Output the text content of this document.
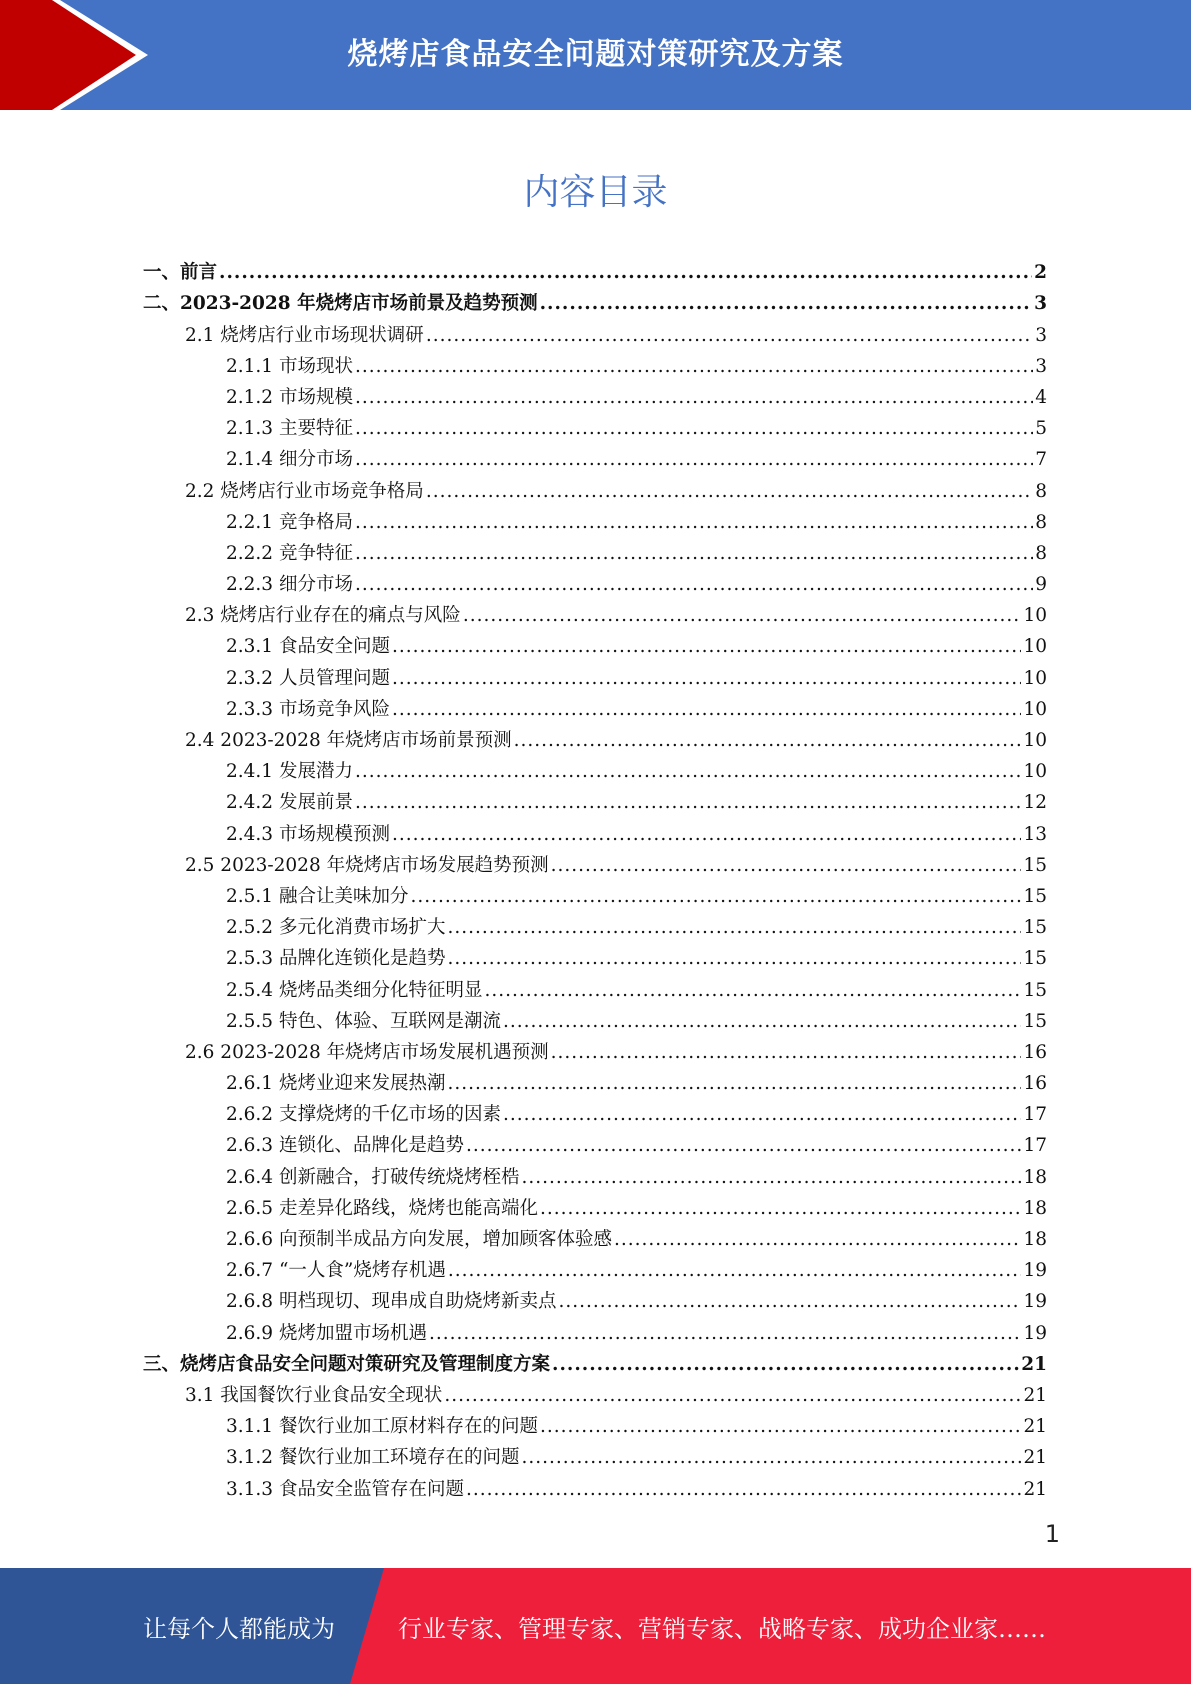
烧烤店食品安全问题对策研究及方案
内容目录
一、前言 .....	2
二、2023-2028 年烧烤店市场前景及趋势预测 .....	3
2.1 烧烤店行业市场现状调研 .....	3
2.1.1 市场现状 .....	3
2.1.2 市场规模 .....	4
2.1.3 主要特征 .....	5
2.1.4 细分市场 .....	7
2.2 烧烤店行业市场竞争格局 .....	8
2.2.1 竞争格局 .....	8
2.2.2 竞争特征 .....	8
2.2.3 细分市场 .....	9
2.3 烧烤店行业存在的痛点与风险 .....	10
2.3.1 食品安全问题 .....	10
2.3.2 人员管理问题 .....	10
2.3.3 市场竞争风险 .....	10
2.4 2023-2028 年烧烤店市场前景预测 .....	10
2.4.1 发展潜力 .....	10
2.4.2 发展前景 .....	12
2.4.3 市场规模预测 .....	13
2.5 2023-2028 年烧烤店市场发展趋势预测 .....	15
2.5.1 融合让美味加分 .....	15
2.5.2 多元化消费市场扩大 .....	15
2.5.3 品牌化连锁化是趋势 .....	15
2.5.4 烧烤品类细分化特征明显 .....	15
2.5.5 特色、体验、互联网是潮流 .....	15
2.6 2023-2028 年烧烤店市场发展机遇预测 .....	16
2.6.1 烧烤业迎来发展热潮 .....	16
2.6.2 支撑烧烤的千亿市场的因素 .....	17
2.6.3 连锁化、品牌化是趋势 .....	17
2.6.4 创新融合，打破传统烧烤桎梏 .....	18
2.6.5 走差异化路线，烧烤也能高端化 .....	18
2.6.6 向预制半成品方向发展，增加顾客体验感 .....	18
2.6.7 “一人食”烧烤存机遇 .....	19
2.6.8 明档现切、现串成自助烧烤新卖点 .....	19
2.6.9 烧烤加盟市场机遇 .....	19
三、烧烤店食品安全问题对策研究及管理制度方案 .....	21
3.1 我国餐饮行业食品安全现状 .....	21
3.1.1 餐饮行业加工原材料存在的问题 .....	21
3.1.2 餐饮行业加工环境存在的问题 .....	21
3.1.3 食品安全监管存在问题 .....	21
1
让每个人都能成为	行业专家、管理专家、营销专家、战略专家、成功企业家……
